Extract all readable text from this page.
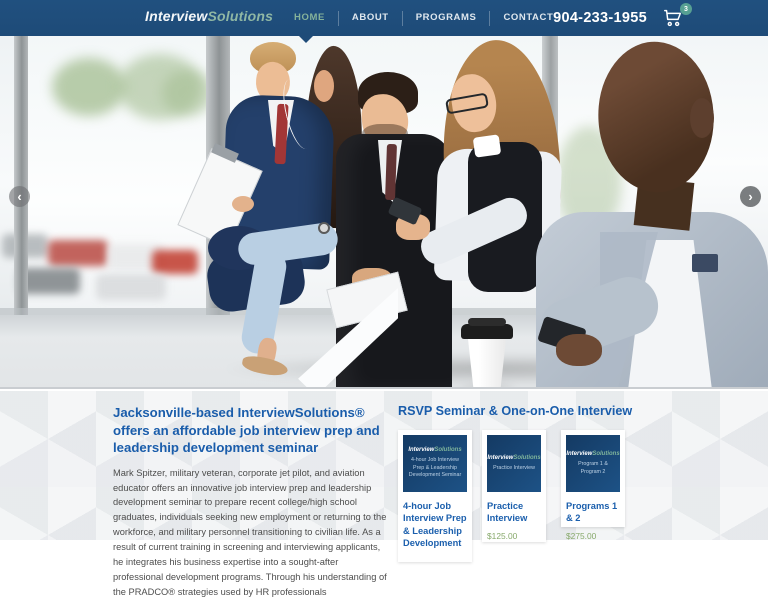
InterviewSolutions	HOME	ABOUT	PROGRAMS	CONTACT 904-233-1955
3
‹	›
Jacksonville-based InterviewSolutions® offers an affordable job interview prep and leadership development seminar

Mark Spitzer, military veteran, corporate jet pilot, and aviation educator offers an innovative job interview prep and leadership development seminar to prepare recent college/high school graduates, individuals seeking new employment or returning to the workforce, and military personnel transitioning to civilian life. As a result of current training in screening and interviewing applicants, he integrates his business expertise into a sought-after professional development programs. Through his understanding of the PRADCO® strategies used by HR professionals

RSVP Seminar & One-on-One Interview
InterviewSolutions
4-hour Job Interview Prep & Leadership Development Seminar
4-hour Job Interview Prep & Leadership Development
InterviewSolutions
Practice Interview
Practice Interview
$125.00
InterviewSolutions
Program 1 & Program 2
Programs 1 & 2
$275.00
